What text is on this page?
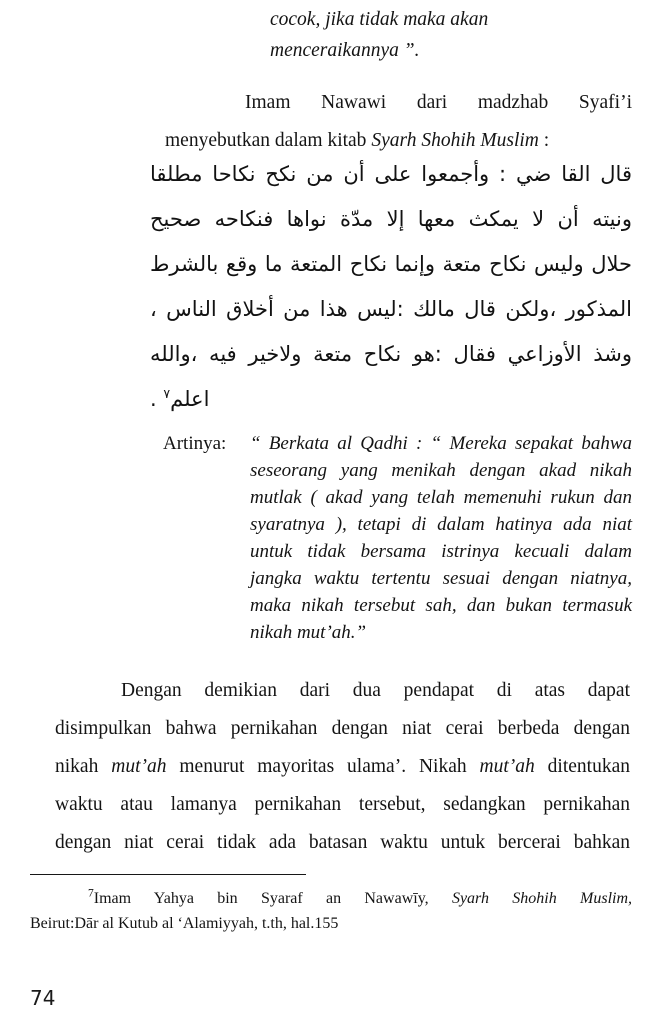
cocok, jika tidak maka akan
menceraikannya ”.
Imam Nawawi dari madzhab Syafi’i
menyebutkan dalam kitab Syarh Shohih Muslim :
قال القا ضي : وأجمعوا على أن من نكح نكاحا مطلقا
ونيته أن لا يمكث معها إلا مدّة نواها فنكاحه صحيح
حلال وليس نكاح متعة وإنما نكاح المتعة ما وقع بالشرط
المذكور ،ولكن قال مالك :ليس هذا من أخلاق الناس ،
وشذ الأوزاعي فقال :هو نكاح متعة ولاخير فيه ،والله
اعلم$^٧$ .
Artinya: “ Berkata al Qadhi : “ Mereka sepakat bahwa seseorang yang menikah dengan akad nikah mutlak ( akad yang telah memenuhi rukun dan syaratnya ), tetapi di dalam hatinya ada niat untuk tidak bersama istrinya kecuali dalam jangka waktu tertentu sesuai dengan niatnya, maka nikah tersebut sah, dan bukan termasuk nikah mut’ah.”
Dengan demikian dari dua pendapat di atas dapat
disimpulkan bahwa pernikahan dengan niat cerai berbeda dengan
nikah mut’ah menurut mayoritas ulama’. Nikah mut’ah ditentukan
waktu atau lamanya pernikahan tersebut, sedangkan pernikahan
dengan niat cerai tidak ada batasan waktu untuk bercerai bahkan
$^7$Imam Yahya bin Syaraf an Nawawīy, Syarh Shohih Muslim,
Beirut:Dār al Kutub al ‘Alamiyyah, t.th, hal.155
74
